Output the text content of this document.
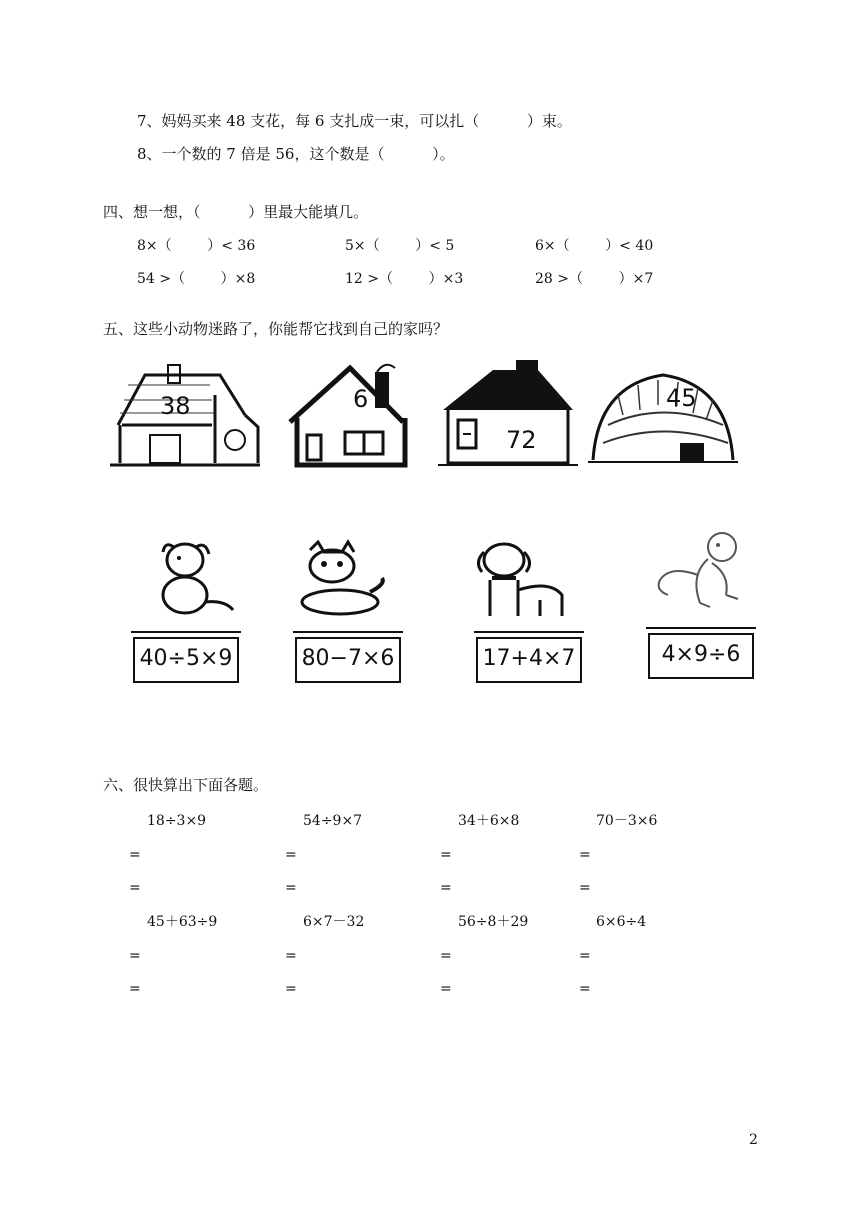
7、妈妈买来 48 支花，每 6 支扎成一束，可以扎（          ）束。
8、一个数的 7 倍是 56，这个数是（          ）。
四、想一想，（          ）里最大能填几。
8×（        ）< 36	5×（        ）< 5	6×（        ）< 40
54 >（        ）×8	12 >（        ）×3	28 >（        ）×7
五、这些小动物迷路了，你能帮它找到自己的家吗？
38	6
72
45
40÷5×9	80−7×6	17+4×7	4×9÷6
六、很快算出下面各题。
18÷3×9	54÷9×7	34＋6×8	70－3×6
=	=	=	=
=	=	=	=
45＋63÷9	6×7－32	56÷8＋29	6×6÷4
=	=	=	=
=	=	=	=
2
